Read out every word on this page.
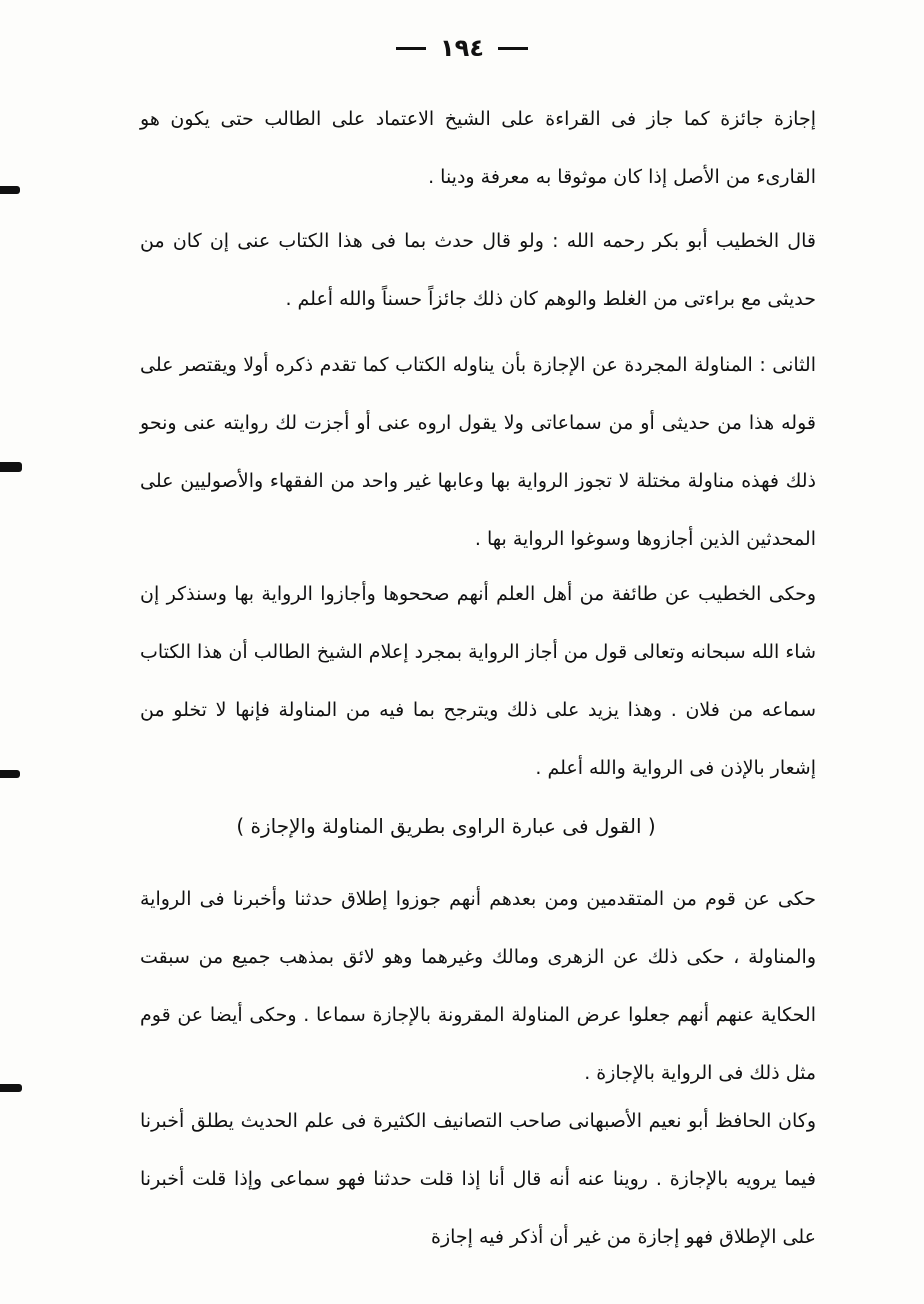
١٩٤

إجازة جائزة كما جاز فى القراءة على الشيخ الاعتماد على الطالب حتى يكون هو القارىء من الأصل إذا كان موثوقا به معرفة ودينا .

قال الخطيب أبو بكر رحمه الله : ولو قال حدث بما فى هذا الكتاب عنى إن كان من حديثى مع براءتى من الغلط والوهم كان ذلك جائزاً حسناً والله أعلم .

الثانى : المناولة المجردة عن الإجازة بأن يناوله الكتاب كما تقدم ذكره أولا ويقتصر على قوله هذا من حديثى أو من سماعاتى ولا يقول اروه عنى أو أجزت لك روايته عنى ونحو ذلك فهذه مناولة مختلة لا تجوز الرواية بها وعابها غير واحد من الفقهاء والأصوليين على المحدثين الذين أجازوها وسوغوا الرواية بها .

وحكى الخطيب عن طائفة من أهل العلم أنهم صححوها وأجازوا الرواية بها وسنذكر إن شاء الله سبحانه وتعالى قول من أجاز الرواية بمجرد إعلام الشيخ الطالب أن هذا الكتاب سماعه من فلان . وهذا يزيد على ذلك ويترجح بما فيه من المناولة فإنها لا تخلو من إشعار بالإذن فى الرواية والله أعلم .

( القول فى عبارة الراوى بطريق المناولة والإجازة )

حكى عن قوم من المتقدمين ومن بعدهم أنهم جوزوا إطلاق حدثنا وأخبرنا فى الرواية والمناولة ، حكى ذلك عن الزهرى ومالك وغيرهما وهو لائق بمذهب جميع من سبقت الحكاية عنهم أنهم جعلوا عرض المناولة المقرونة بالإجازة سماعا . وحكى أيضا عن قوم مثل ذلك فى الرواية بالإجازة .

وكان الحافظ أبو نعيم الأصبهانى صاحب التصانيف الكثيرة فى علم الحديث يطلق أخبرنا فيما يرويه بالإجازة . روينا عنه أنه قال أنا إذا قلت حدثنا فهو سماعى وإذا قلت أخبرنا على الإطلاق فهو إجازة من غير أن أذكر فيه إجازة
